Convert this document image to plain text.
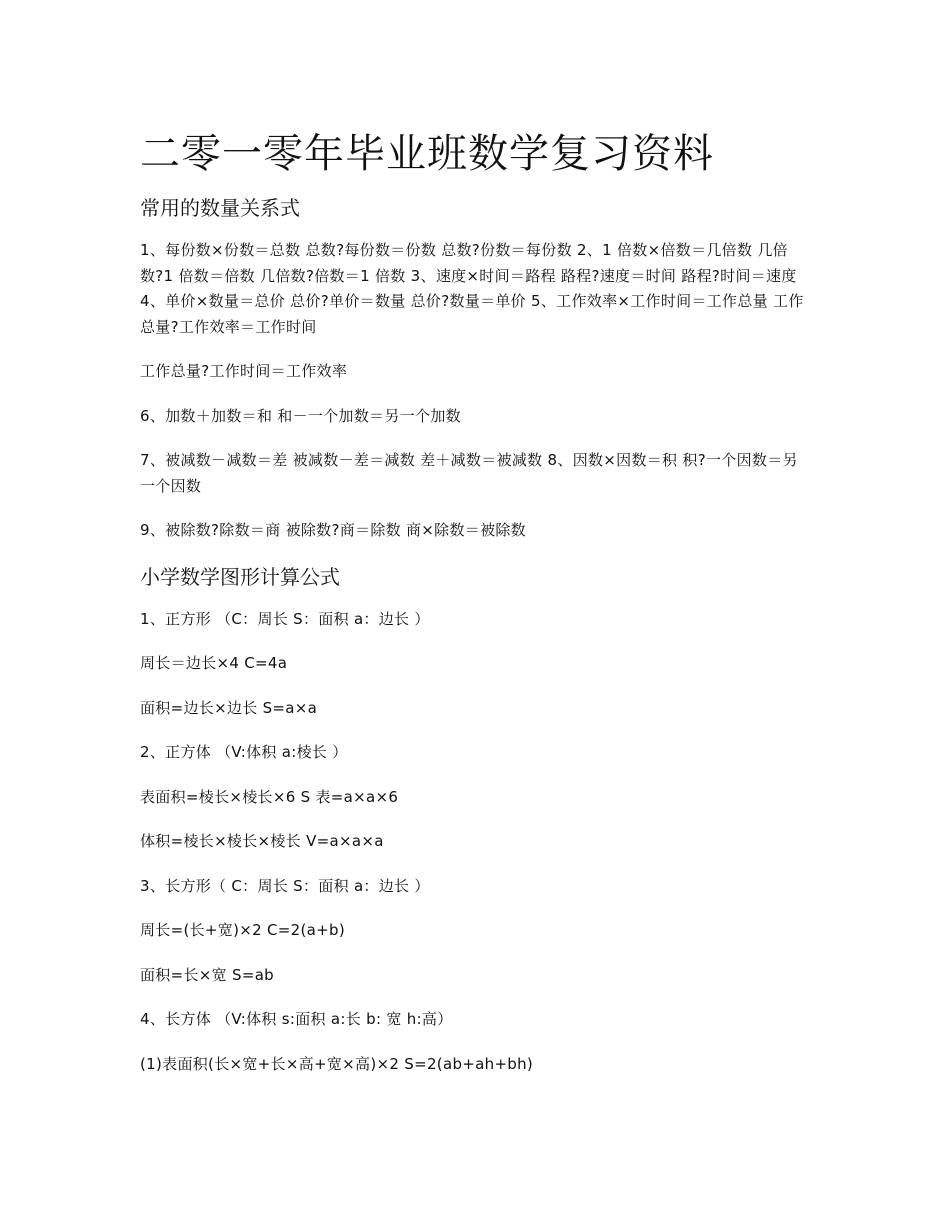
二零一零年毕业班数学复习资料
常用的数量关系式

1、每份数×份数＝总数 总数?每份数＝份数 总数?份数＝每份数 2、1 倍数×倍数＝几倍数 几倍数?1 倍数＝倍数 几倍数?倍数＝1 倍数 3、速度×时间＝路程 路程?速度＝时间 路程?时间＝速度 4、单价×数量＝总价 总价?单价＝数量 总价?数量＝单价 5、工作效率×工作时间＝工作总量 工作总量?工作效率＝工作时间

工作总量?工作时间＝工作效率

6、加数＋加数＝和 和－一个加数＝另一个加数

7、被减数－减数＝差 被减数－差＝减数 差＋减数＝被减数 8、因数×因数＝积 积?一个因数＝另一个因数

9、被除数?除数＝商 被除数?商＝除数 商×除数＝被除数

小学数学图形计算公式

1、正方形 （C：周长 S：面积 a：边长 ）

周长＝边长×4 C=4a

面积=边长×边长 S=a×a

2、正方体 （V:体积 a:棱长 ）

表面积=棱长×棱长×6 S 表=a×a×6

体积=棱长×棱长×棱长 V=a×a×a

3、长方形（ C：周长 S：面积 a：边长 ）

周长=(长+宽)×2 C=2(a+b)

面积=长×宽 S=ab

4、长方体 （V:体积 s:面积 a:长 b: 宽 h:高）

(1)表面积(长×宽+长×高+宽×高)×2 S=2(ab+ah+bh)
